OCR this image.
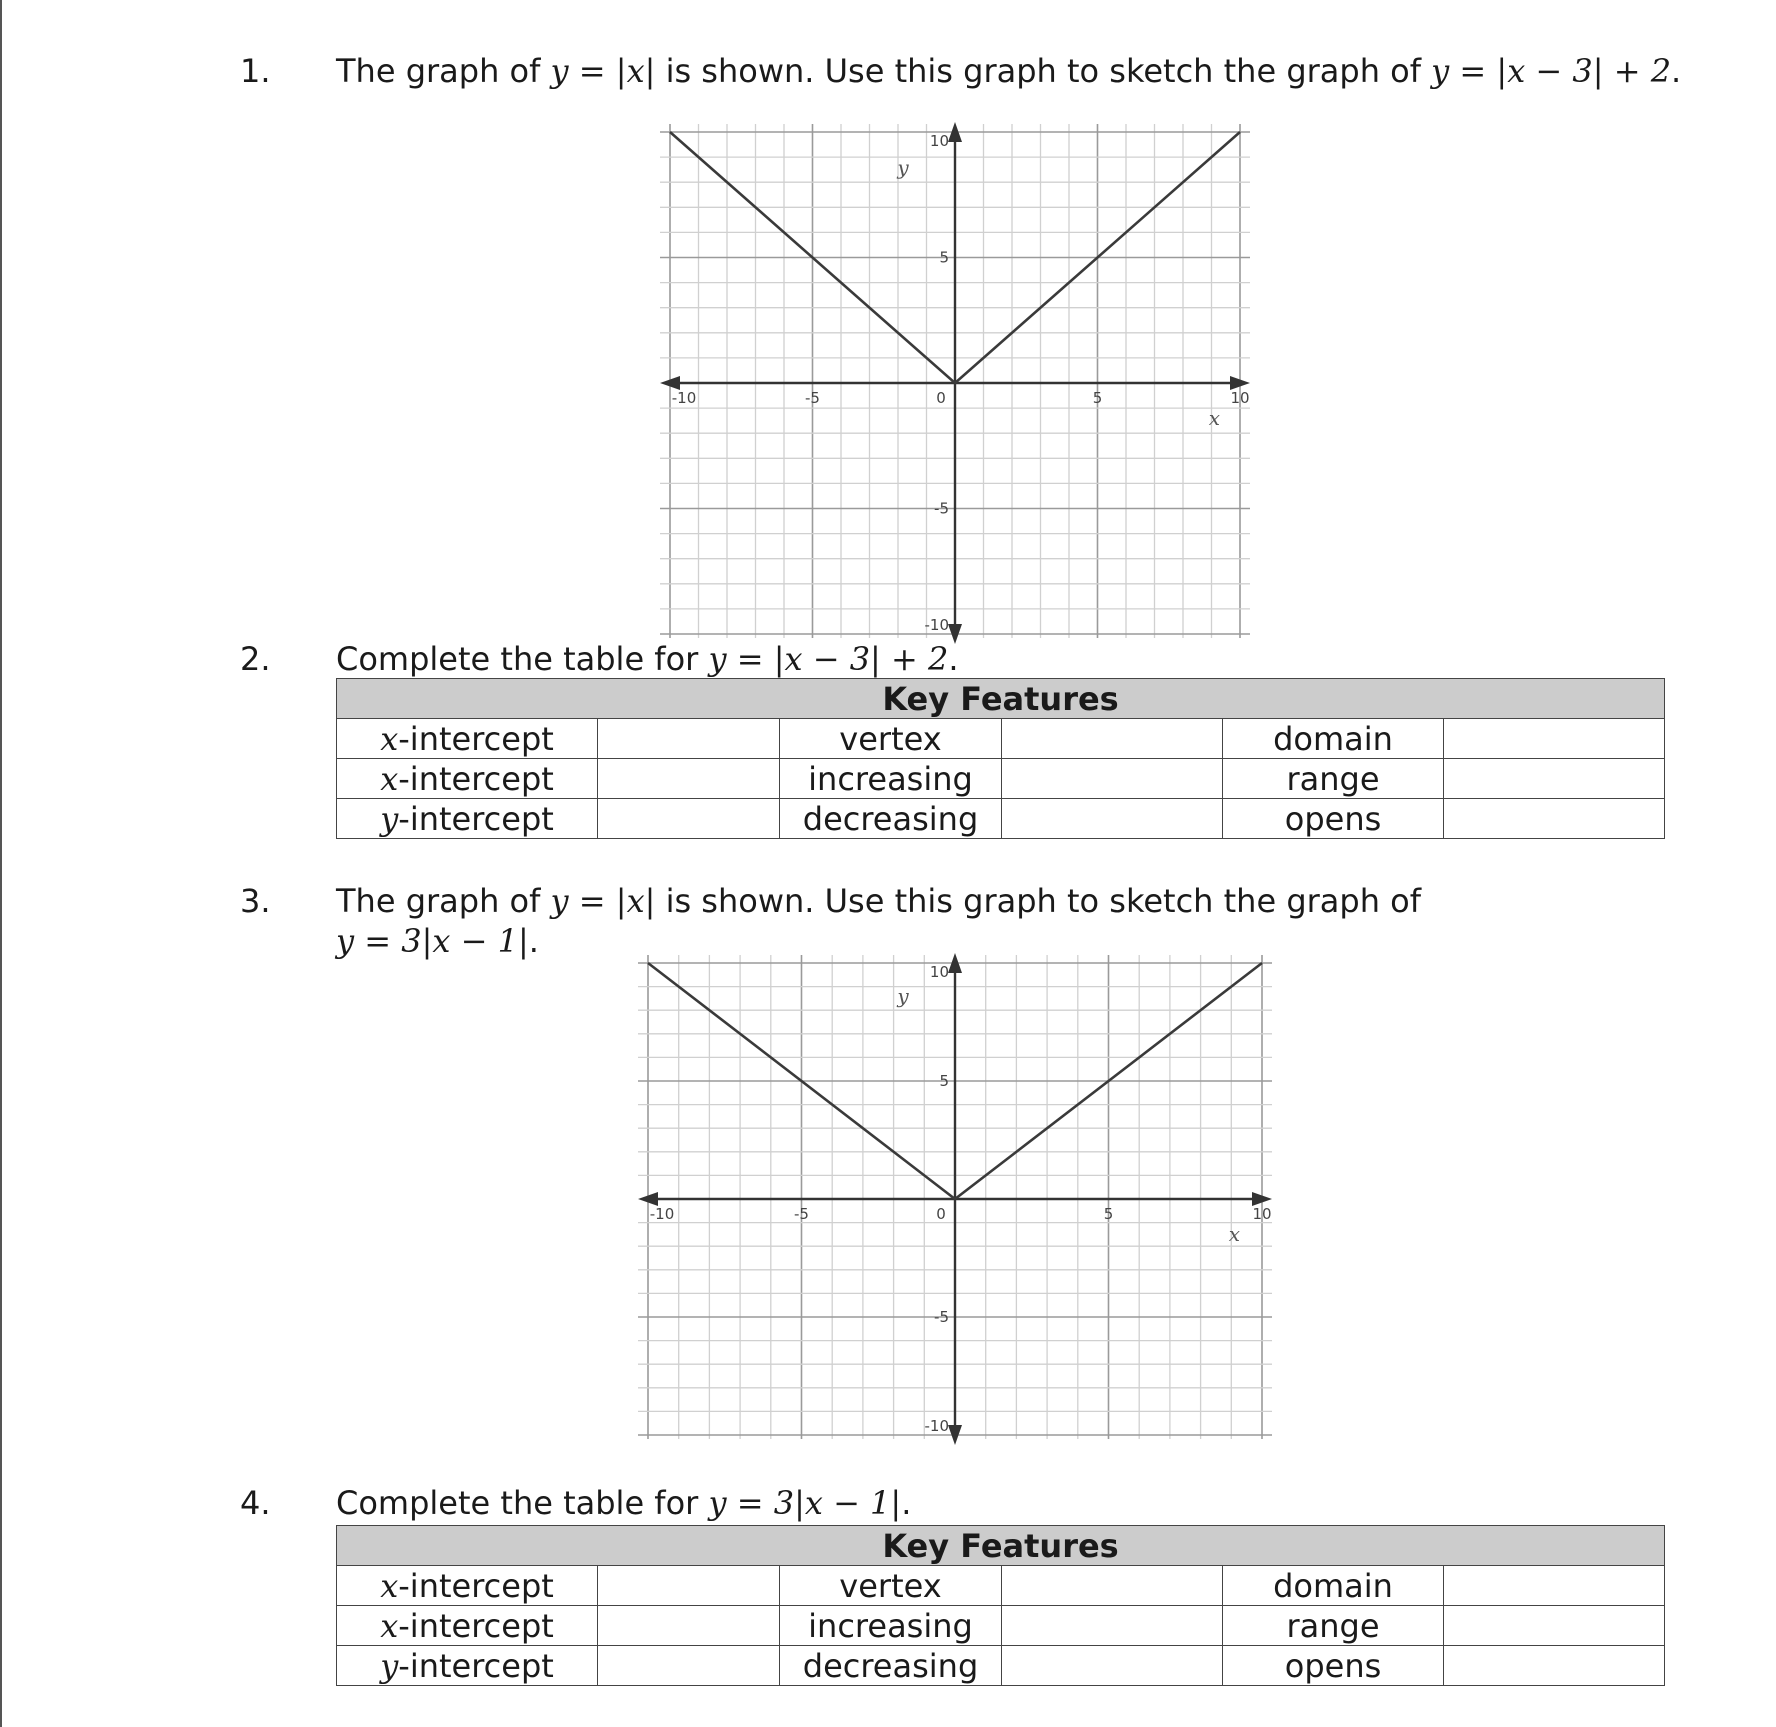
1. The graph of y = |x| is shown. Use this graph to sketch the graph of y = |x − 3| + 2.
-10	-5	0	5	10
10
5
-5
-10
x
y
2. Complete the table for y = |x − 3| + 2.
Key Features					
x-intercept		vertex		domain	
x-intercept		increasing		range	
y-intercept		decreasing		opens	
3. The graph of y = |x| is shown. Use this graph to sketch the graph of
y = 3|x − 1|.
-10	-5	0	5	10
10
5
-5
-10
x
y
4. Complete the table for y = 3|x − 1|.
Key Features					
x-intercept		vertex		domain	
x-intercept		increasing		range	
y-intercept		decreasing		opens	
